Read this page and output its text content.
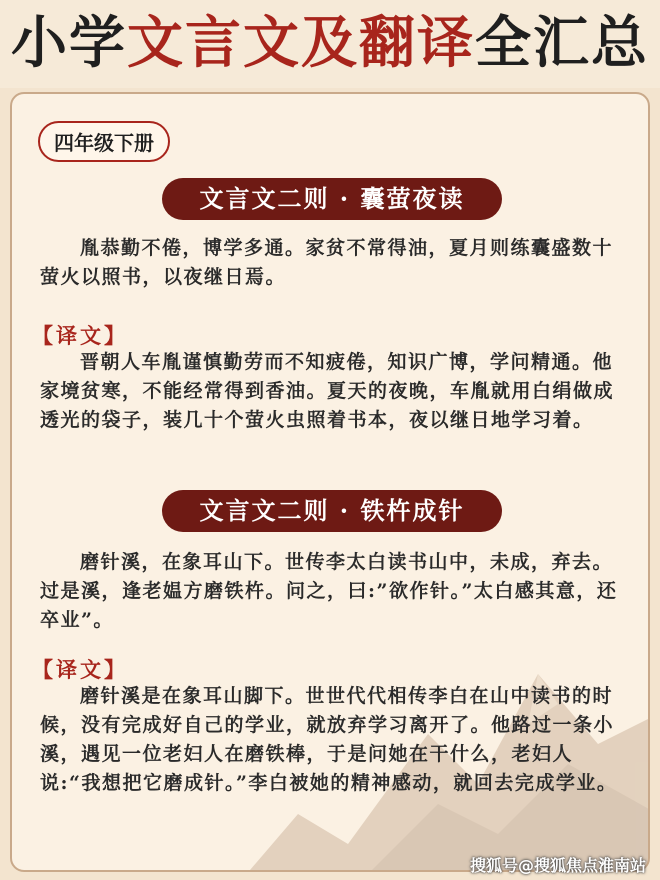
小学文言文及翻译全汇总
四年级下册
文言文二则 · 囊萤夜读
胤恭勤不倦，博学多通。家贫不常得油，夏月则练囊盛数十萤火以照书，以夜继日焉。
【译文】
晋朝人车胤谨慎勤劳而不知疲倦，知识广博，学问精通。他家境贫寒，不能经常得到香油。夏天的夜晚，车胤就用白绢做成透光的袋子，装几十个萤火虫照着书本，夜以继日地学习着。
文言文二则 · 铁杵成针
磨针溪，在象耳山下。世传李太白读书山中，未成，弃去。过是溪，逢老媪方磨铁杵。问之，曰:”欲作针。”太白感其意，还卒业”。
【译文】
磨针溪是在象耳山脚下。世世代代相传李白在山中读书的时候，没有完成好自己的学业，就放弃学习离开了。他路过一条小溪，遇见一位老妇人在磨铁棒，于是问她在干什么，老妇人说:“我想把它磨成针。”李白被她的精神感动，就回去完成学业。
搜狐号@搜狐焦点淮南站
